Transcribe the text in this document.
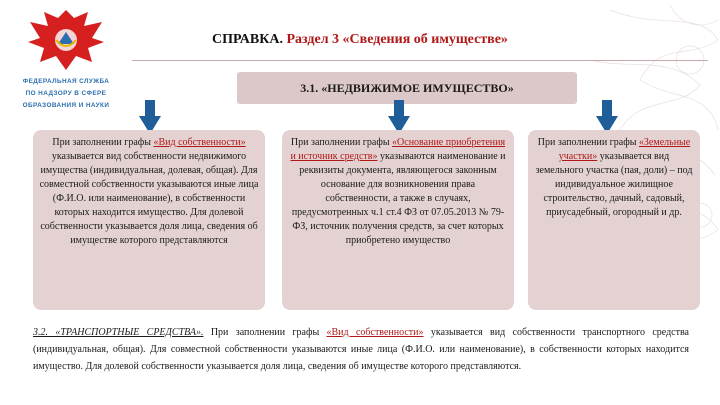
ФЕДЕРАЛЬНАЯ СЛУЖБА
ПО НАДЗОРУ В СФЕРЕ
ОБРАЗОВАНИЯ И НАУКИ
СПРАВКА. Раздел 3 «Сведения об имуществе»
3.1. «НЕДВИЖИМОЕ ИМУЩЕСТВО»
При заполнении графы «Вид собственности» указывается вид собственности недвижимого имущества (индивидуальная, долевая, общая). Для совместной собственности указываются иные лица (Ф.И.О. или наименование), в собственности которых находится имущество. Для долевой собственности указывается доля лица, сведения об имуществе которого представляются
При заполнении графы «Основание приобретения и источник средств» указываются наименование и реквизиты документа, являющегося законным основание для возникновения права собственности, а также в случаях, предусмотренных ч.1 ст.4 ФЗ от 07.05.2013 № 79-ФЗ, источник получения средств, за счет которых приобретено имущество
При заполнении графы «Земельные участки» указывается вид земельного участка (пая, доли) – под индивидуальное жилищное строительство, дачный, садовый, приусадебный, огородный и др.
3.2. «ТРАНСПОРТНЫЕ СРЕДСТВА». При заполнении графы «Вид собственности» указывается вид собственности транспортного средства (индивидуальная, общая). Для совместной собственности указываются иные лица (Ф.И.О. или наименование), в собственности которых находится имущество. Для долевой собственности указывается доля лица, сведения об имуществе которого представляются.
